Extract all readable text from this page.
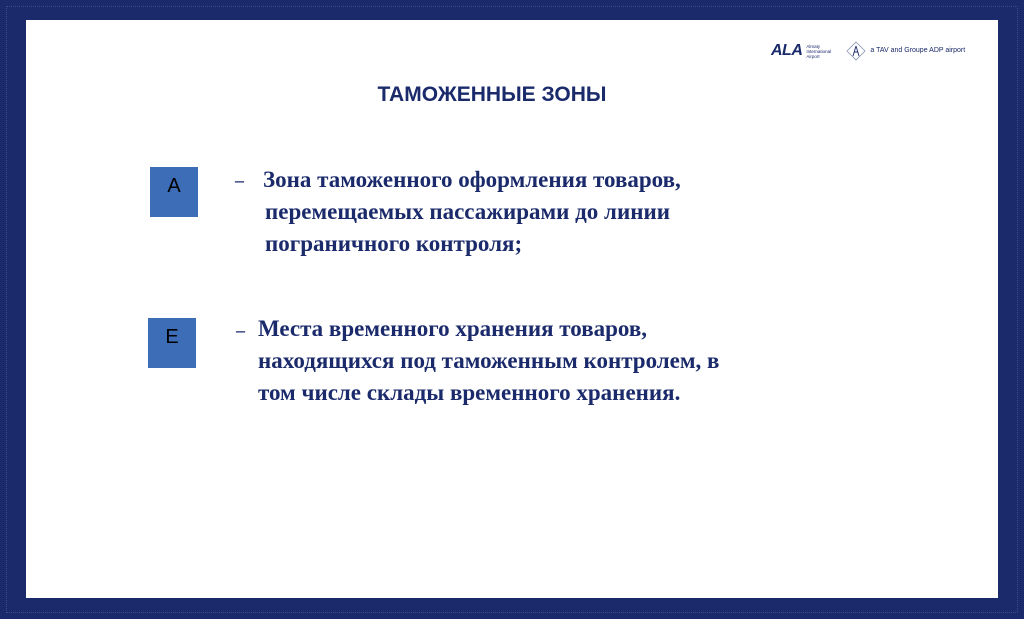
ALA Almaty International Airport
a TAV and Groupe ADP airport
ТАМОЖЕННЫЕ ЗОНЫ
A	– Зона таможенного оформления товаров,
перемещаемых пассажирами до линии
пограничного контроля;
E	– Места временного хранения товаров,
находящихся под таможенным контролем, в
том числе склады временного хранения.
